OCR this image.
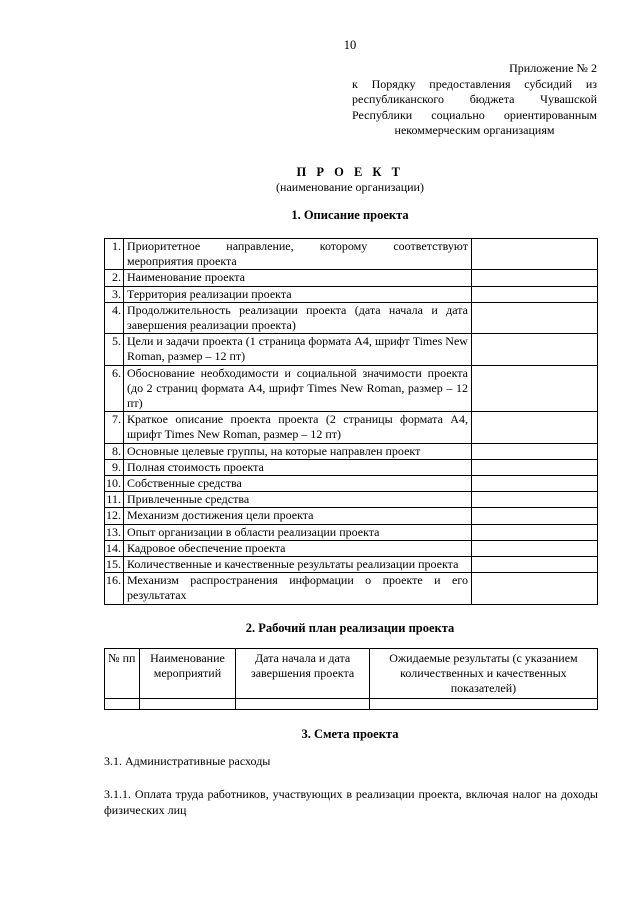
10
Приложение № 2
к Порядку предоставления субсидий из
республиканского бюджета Чувашской
Республики социально ориентированным
некоммерческим организациям
П Р О Е К Т
(наименование организации)
1. Описание проекта
1.	Приоритетное направление, которому соответствуют мероприятия проекта	
2.	Наименование проекта	
3.	Территория реализации проекта	
4.	Продолжительность реализации проекта (дата начала и дата завершения реализации проекта)	
5.	Цели и задачи проекта (1 страница формата А4, шрифт Times New Roman, размер – 12 пт)	
6.	Обоснование необходимости и социальной значимости проекта (до 2 страниц формата А4, шрифт Times New Roman, размер – 12 пт)	
7.	Краткое описание проекта проекта (2 страницы формата А4, шрифт Times New Roman, размер – 12 пт)	
8.	Основные целевые группы, на которые направлен проект	
9.	Полная стоимость проекта	
10.	Собственные средства	
11.	Привлеченные средства	
12.	Механизм достижения цели проекта	
13.	Опыт организации в области реализации проекта	
14.	Кадровое обеспечение проекта	
15.	Количественные и качественные результаты реализации проекта	
16.	Механизм распространения информации о проекте и его результатах	
2. Рабочий план реализации проекта
№ пп	Наименование мероприятий	Дата начала и дата завершения проекта	Ожидаемые результаты (с указанием количественных и качественных показателей)

3. Смета проекта
3.1. Административные расходы
3.1.1. Оплата труда работников, участвующих в реализации проекта, включая налог на доходы физических лиц
